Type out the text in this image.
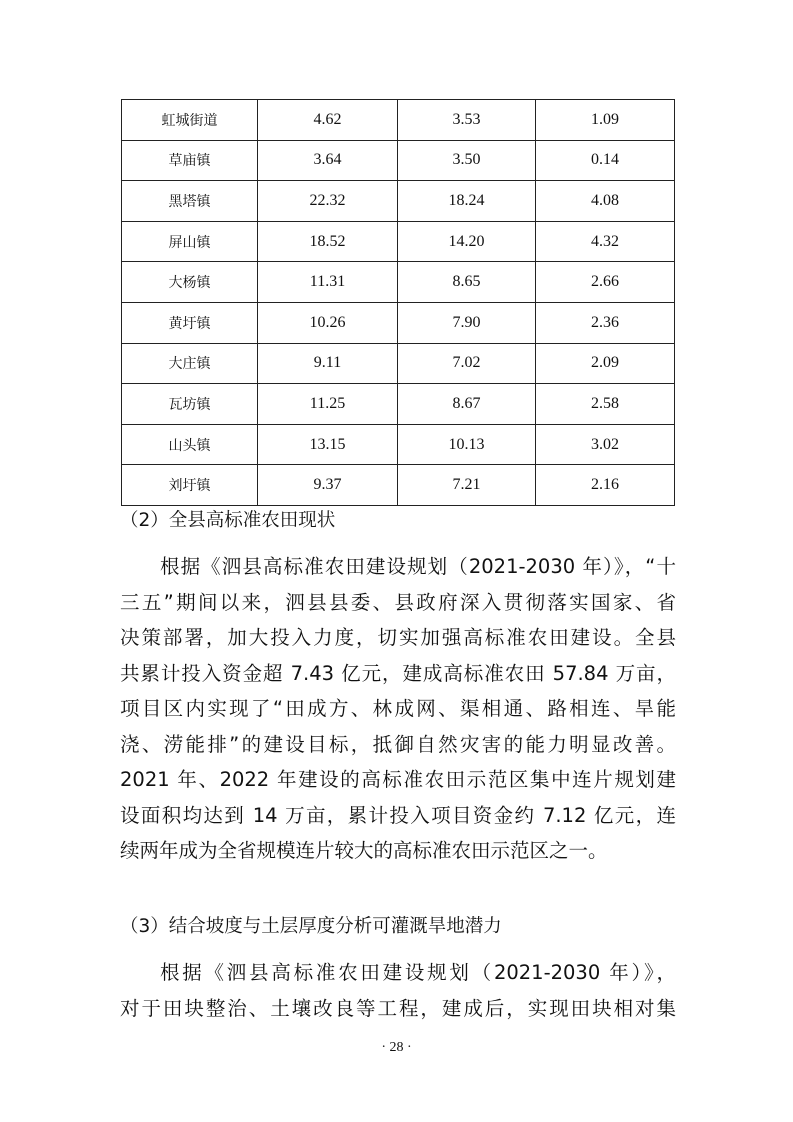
虹城街道	4.62	3.53	1.09
草庙镇	3.64	3.50	0.14
黑塔镇	22.32	18.24	4.08
屏山镇	18.52	14.20	4.32
大杨镇	11.31	8.65	2.66
黄圩镇	10.26	7.90	2.36
大庄镇	9.11	7.02	2.09
瓦坊镇	11.25	8.67	2.58
山头镇	13.15	10.13	3.02
刘圩镇	9.37	7.21	2.16
（2）全县高标准农田现状
根据《泗县高标准农田建设规划（2021-2030 年）》，“十
三五”期间以来，泗县县委、县政府深入贯彻落实国家、省
决策部署，加大投入力度，切实加强高标准农田建设。全县
共累计投入资金超 7.43 亿元，建成高标准农田 57.84 万亩，
项目区内实现了“田成方、林成网、渠相通、路相连、旱能
浇、涝能排”的建设目标，抵御自然灾害的能力明显改善。
2021 年、2022 年建设的高标准农田示范区集中连片规划建
设面积均达到 14 万亩，累计投入项目资金约 7.12 亿元，连
续两年成为全省规模连片较大的高标准农田示范区之一。
（3）结合坡度与土层厚度分析可灌溉旱地潜力
根据《泗县高标准农田建设规划（2021-2030 年）》，
对于田块整治、土壤改良等工程，建成后，实现田块相对集
· 28 ·
